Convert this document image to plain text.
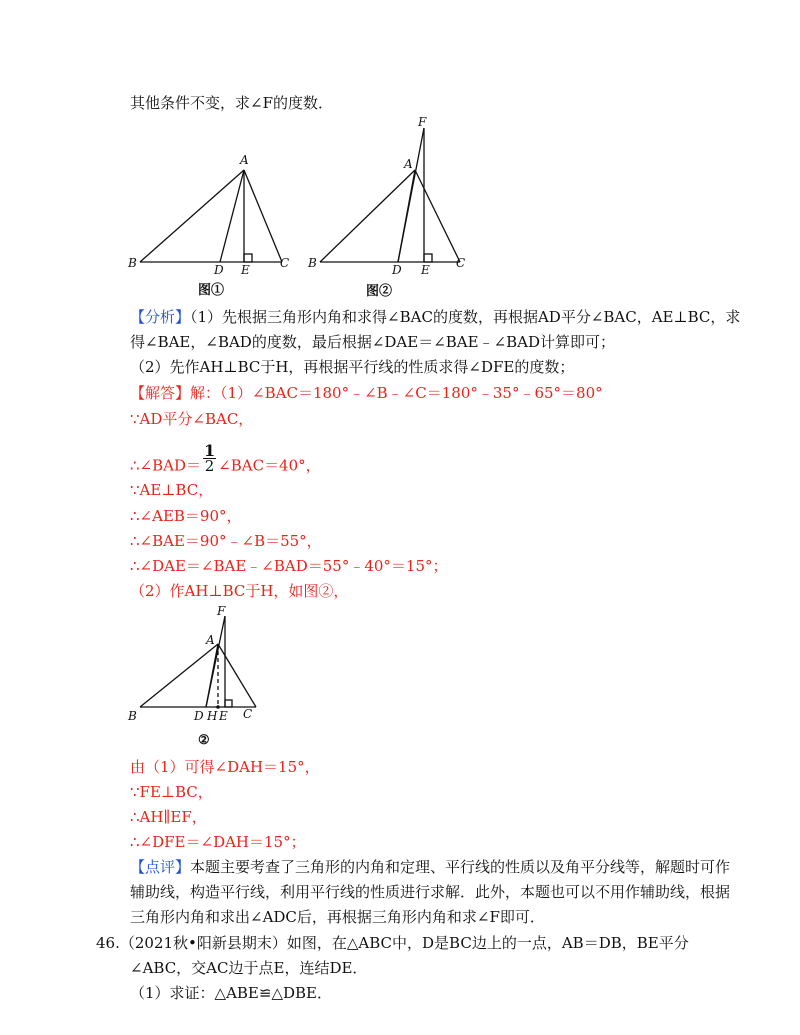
其他条件不变，求∠F的度数．
A
B	C
D E
图①
F
A
B	C
D E
图②
【分析】（1）先根据三角形内角和求得∠BAC的度数，再根据AD平分∠BAC，AE⊥BC，求
得∠BAE，∠BAD的度数，最后根据∠DAE＝∠BAE﹣∠BAD计算即可；
（2）先作AH⊥BC于H，再根据平行线的性质求得∠DFE的度数；
【解答】解：（1）∠BAC＝180°﹣∠B﹣∠C＝180°﹣35°﹣65°＝80°
∵AD平分∠BAC，
∴∠BAD＝ $\frac{1}{2}$ ∠BAC＝40°，
∵AE⊥BC，
∴∠AEB＝90°，
∴∠BAE＝90°﹣∠B＝55°，
∴∠DAE＝∠BAE﹣∠BAD＝55°﹣40°＝15°；
（2）作AH⊥BC于H，如图②，
F
A
B	C
D H E
②
由（1）可得∠DAH＝15°，
∵FE⊥BC，
∴AH∥EF，
∴∠DFE＝∠DAH＝15°；
【点评】本题主要考查了三角形的内角和定理、平行线的性质以及角平分线等，解题时可作
辅助线，构造平行线，利用平行线的性质进行求解．此外，本题也可以不用作辅助线，根据
三角形内角和求出∠ADC后，再根据三角形内角和求∠F即可．
46.（2021秋•阳新县期末）如图，在△ABC中，D是BC边上的一点，AB＝DB，BE平分
∠ABC，交AC边于点E，连结DE．
（1）求证：△ABE≌△DBE．
